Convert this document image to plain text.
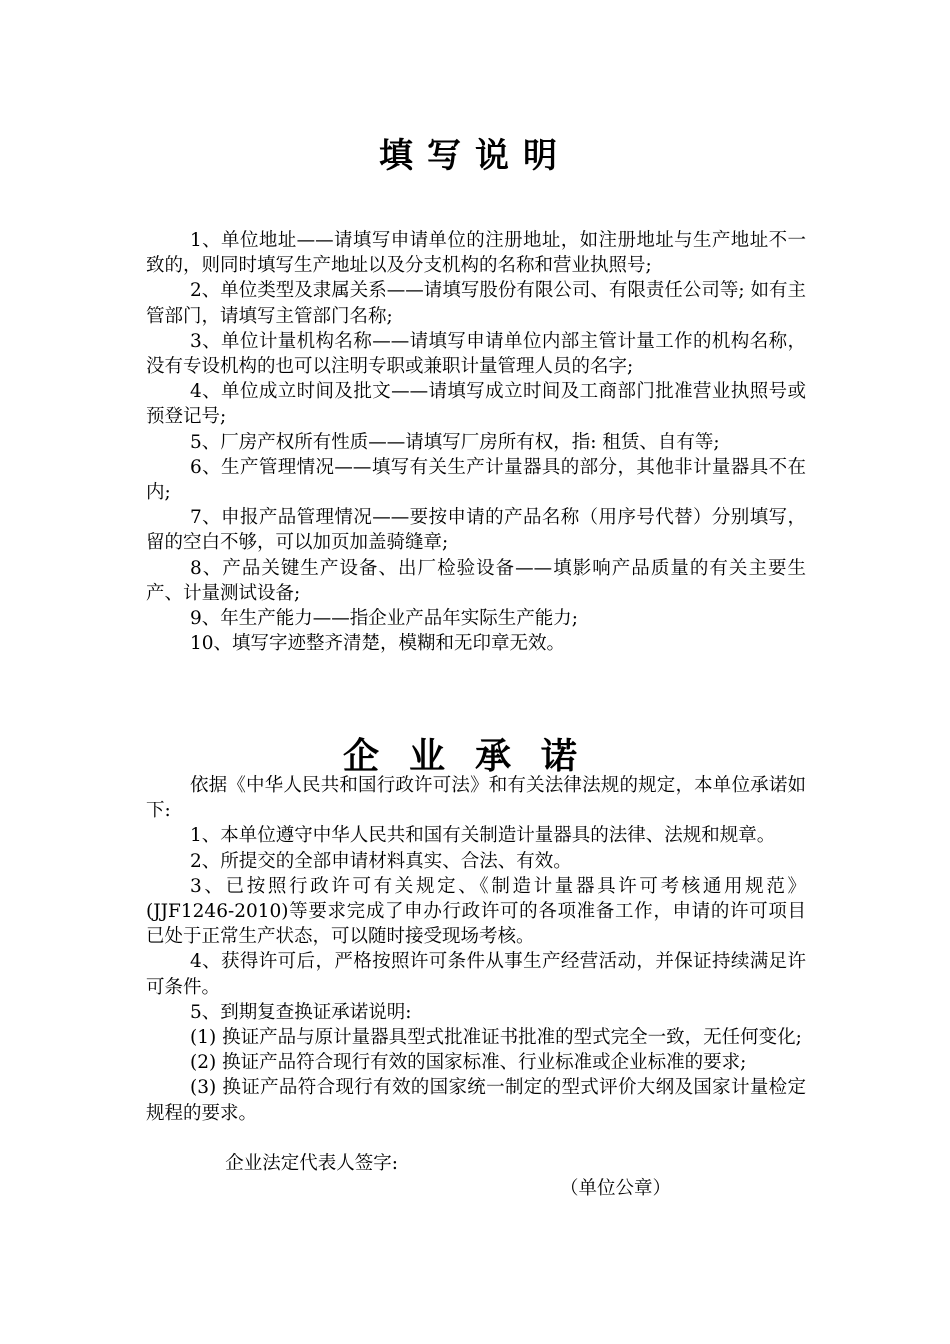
填写说明

1、单位地址——请填写申请单位的注册地址，如注册地址与生产地址不一致的，则同时填写生产地址以及分支机构的名称和营业执照号;

2、单位类型及隶属关系——请填写股份有限公司、有限责任公司等; 如有主管部门，请填写主管部门名称;

3、单位计量机构名称——请填写申请单位内部主管计量工作的机构名称，没有专设机构的也可以注明专职或兼职计量管理人员的名字;

4、单位成立时间及批文——请填写成立时间及工商部门批准营业执照号或预登记号;

5、厂房产权所有性质——请填写厂房所有权，指: 租赁、自有等;

6、生产管理情况——填写有关生产计量器具的部分，其他非计量器具不在内;

7、申报产品管理情况——要按申请的产品名称（用序号代替）分别填写，留的空白不够，可以加页加盖骑缝章;

8、产品关键生产设备、出厂检验设备——填影响产品质量的有关主要生产、计量测试设备;

9、年生产能力——指企业产品年实际生产能力;

10、填写字迹整齐清楚，模糊和无印章无效。

企业承诺

依据《中华人民共和国行政许可法》和有关法律法规的规定，本单位承诺如下:

1、本单位遵守中华人民共和国有关制造计量器具的法律、法规和规章。

2、所提交的全部申请材料真实、合法、有效。

3、已按照行政许可有关规定、《制造计量器具许可考核通用规范》(JJF1246-2010)等要求完成了申办行政许可的各项准备工作，申请的许可项目已处于正常生产状态，可以随时接受现场考核。

4、获得许可后，严格按照许可条件从事生产经营活动，并保证持续满足许可条件。

5、到期复查换证承诺说明:

(1) 换证产品与原计量器具型式批准证书批准的型式完全一致，无任何变化;

(2) 换证产品符合现行有效的国家标准、行业标准或企业标准的要求;

(3) 换证产品符合现行有效的国家统一制定的型式评价大纲及国家计量检定规程的要求。

企业法定代表人签字:

（单位公章）
